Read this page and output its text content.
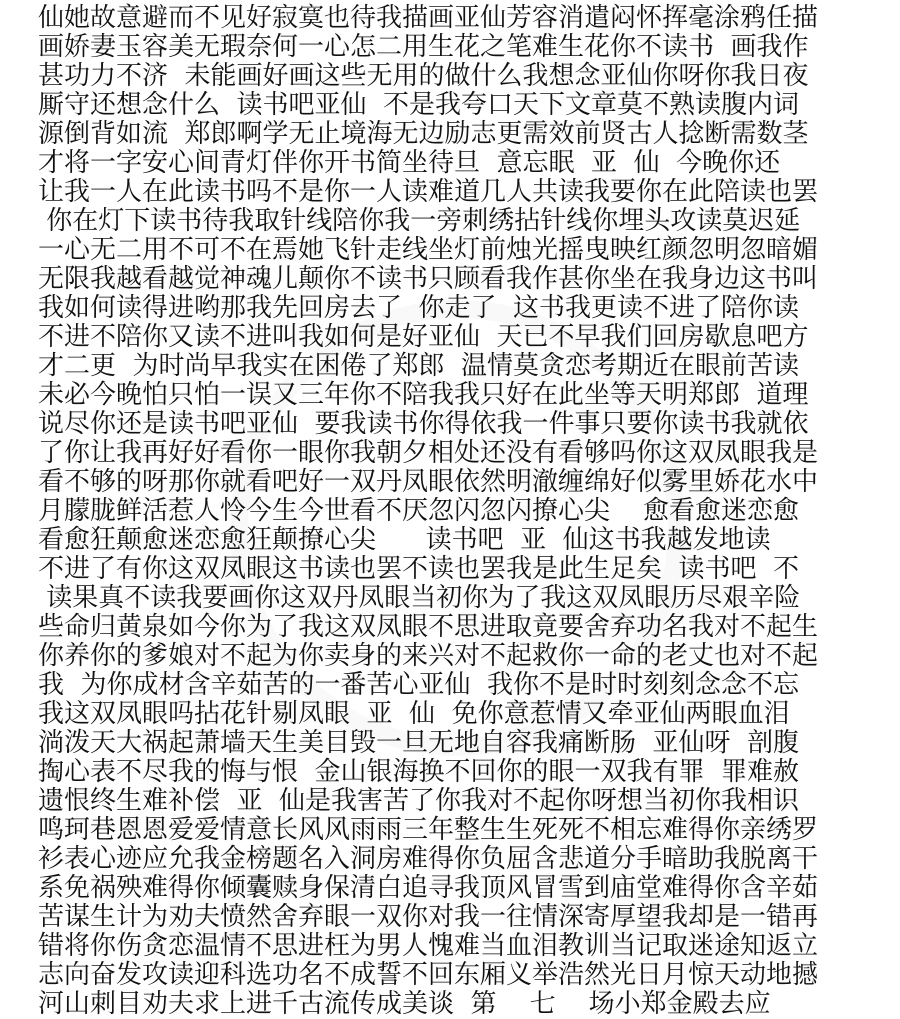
仙她故意避而不见好寂寞也待我描画亚仙芳容消遣闷怀挥毫涂鸦任描
画娇妻玉容美无瑕奈何一心怎二用生花之笔难生花你不读书  画我作
甚功力不济  未能画好画这些无用的做什么我想念亚仙你呀你我日夜
厮守还想念什么  读书吧亚仙  不是我夸口天下文章莫不熟读腹内词
源倒背如流  郑郎啊学无止境海无边励志更需效前贤古人捻断需数茎
才将一字安心间青灯伴你开书简坐待旦  意忘眠  亚  仙  今晚你还
让我一人在此读书吗不是你一人读难道几人共读我要你在此陪读也罢
你在灯下读书待我取针线陪你我一旁刺绣拈针线你埋头攻读莫迟延
一心无二用不可不在焉她飞针走线坐灯前烛光摇曳映红颜忽明忽暗媚
无限我越看越觉神魂儿颠你不读书只顾看我作甚你坐在我身边这书叫
我如何读得进哟那我先回房去了  你走了  这书我更读不进了陪你读
不进不陪你又读不进叫我如何是好亚仙  天已不早我们回房歇息吧方
才二更  为时尚早我实在困倦了郑郎  温情莫贪恋考期近在眼前苦读
未必今晚怕只怕一误又三年你不陪我我只好在此坐等天明郑郎  道理
说尽你还是读书吧亚仙  要我读书你得依我一件事只要你读书我就依
了你让我再好好看你一眼你我朝夕相处还没有看够吗你这双凤眼我是
看不够的呀那你就看吧好一双丹凤眼依然明澈缠绵好似雾里娇花水中
月朦胧鲜活惹人怜今生今世看不厌忽闪忽闪撩心尖    愈看愈迷恋愈
看愈狂颠愈迷恋愈狂颠撩心尖      读书吧  亚  仙这书我越发地读
不进了有你这双凤眼这书读也罢不读也罢我是此生足矣  读书吧  不
读果真不读我要画你这双丹凤眼当初你为了我这双凤眼历尽艰辛险
些命归黄泉如今你为了我这双凤眼不思进取竟要舍弃功名我对不起生
你养你的爹娘对不起为你卖身的来兴对不起救你一命的老丈也对不起
我  为你成材含辛茹苦的一番苦心亚仙  我你不是时时刻刻念念不忘
我这双凤眼吗拈花针剔凤眼  亚  仙  免你意惹情又牵亚仙两眼血泪
淌泼天大祸起萧墙天生美目毁一旦无地自容我痛断肠  亚仙呀  剖腹
掏心表不尽我的悔与恨  金山银海换不回你的眼一双我有罪  罪难赦
遗恨终生难补偿  亚  仙是我害苦了你我对不起你呀想当初你我相识
鸣珂巷恩恩爱爱情意长风风雨雨三年整生生死死不相忘难得你亲绣罗
衫表心迹应允我金榜题名入洞房难得你负屈含悲道分手暗助我脱离干
系免祸殃难得你倾囊赎身保清白追寻我顶风冒雪到庙堂难得你含辛茹
苦谋生计为劝夫愤然舍弃眼一双你对我一往情深寄厚望我却是一错再
错将你伤贪恋温情不思进枉为男人愧难当血泪教训当记取迷途知返立
志向奋发攻读迎科选功名不成誓不回东厢义举浩然光日月惊天动地撼
河山刺目劝夫求上进千古流传成美谈  第    七    场小郑金殿去应
